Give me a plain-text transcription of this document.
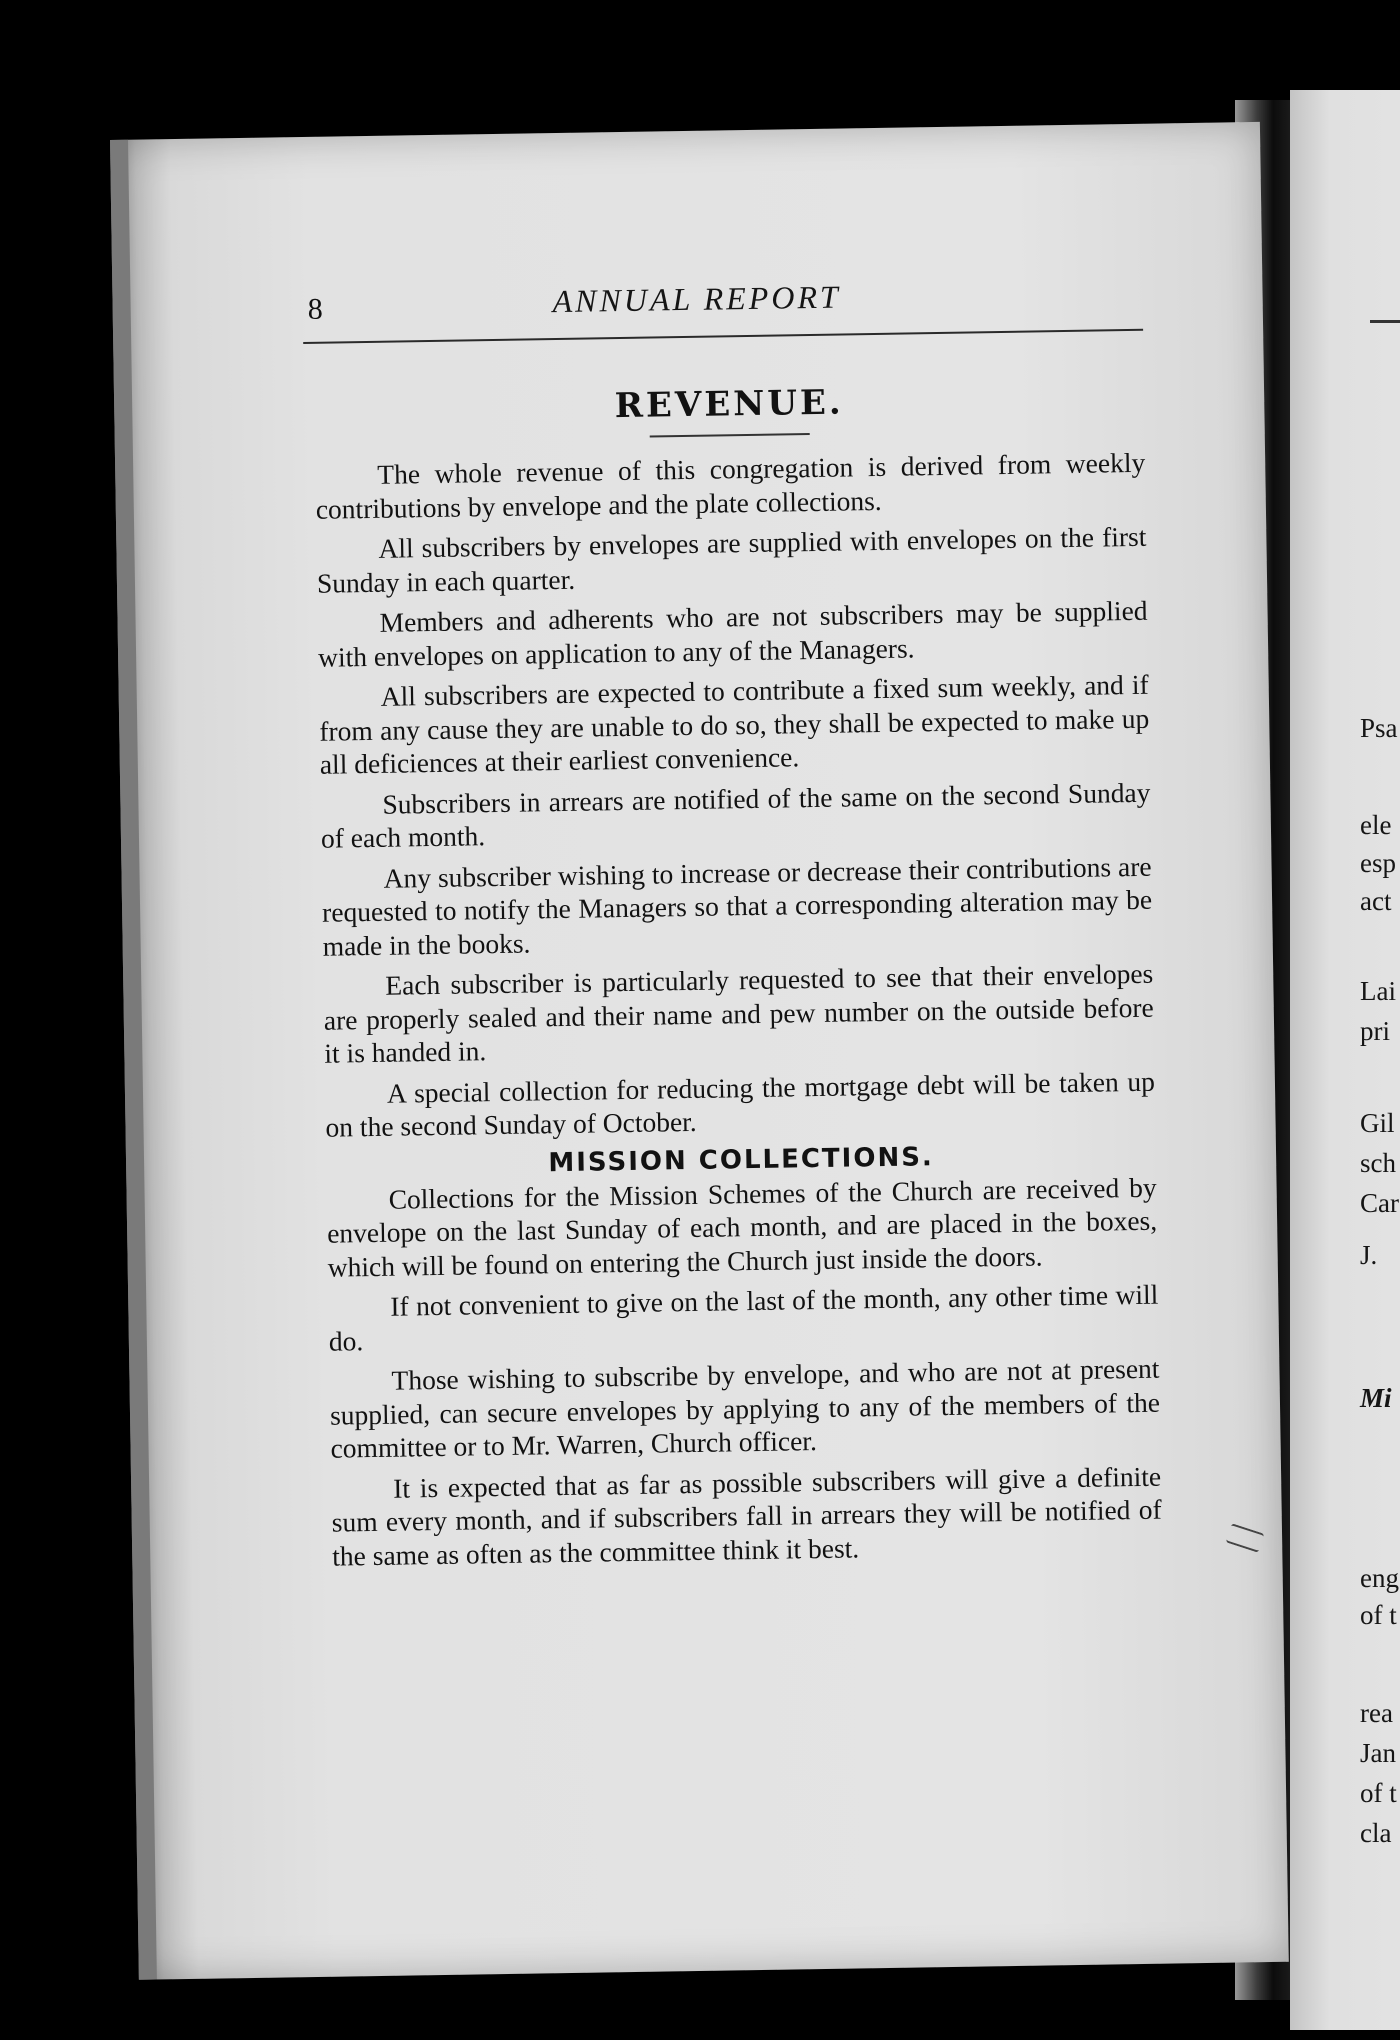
Psa
ele
esp
act
Lai
pri
Gil
sch
Car
J.
Mi
eng
of t
rea
Jan
of t
cla
8	ANNUAL REPORT
REVENUE.

The whole revenue of this congregation is derived from weekly contributions by envelope and the plate collections.

All subscribers by envelopes are supplied with envelopes on the first Sunday in each quarter.

Members and adherents who are not subscribers may be supplied with envelopes on application to any of the Managers.

All subscribers are expected to contribute a fixed sum weekly, and if from any cause they are unable to do so, they shall be expected to make up all deficiences at their earliest convenience.

Subscribers in arrears are notified of the same on the second Sunday of each month.

Any subscriber wishing to increase or decrease their contributions are requested to notify the Managers so that a corresponding alteration may be made in the books.

Each subscriber is particularly requested to see that their envelopes are properly sealed and their name and pew number on the outside before it is handed in.

A special collection for reducing the mortgage debt will be taken up on the second Sunday of October.

MISSION COLLECTIONS.

Collections for the Mission Schemes of the Church are received by envelope on the last Sunday of each month, and are placed in the boxes, which will be found on entering the Church just inside the doors.

If not convenient to give on the last of the month, any other time will do.

Those wishing to subscribe by envelope, and who are not at present supplied, can secure envelopes by applying to any of the members of the committee or to Mr. Warren, Church officer.

It is expected that as far as possible subscribers will give a definite sum every month, and if subscribers fall in arrears they will be notified of the same as often as the committee think it best.
